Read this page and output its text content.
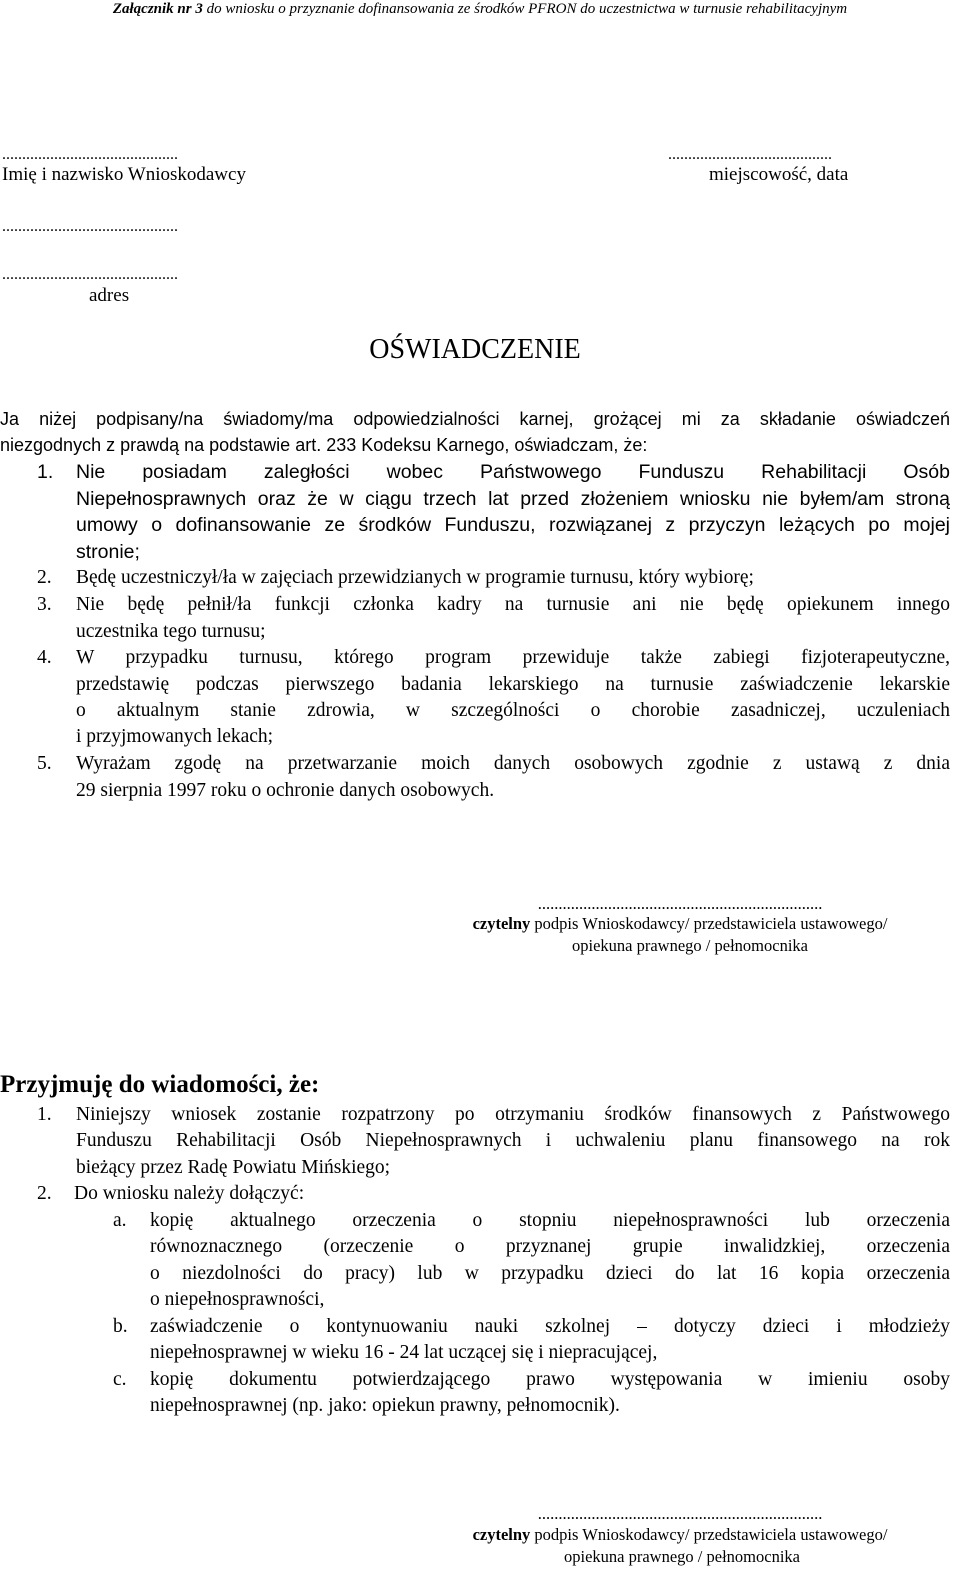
Załącznik nr 3 do wniosku o przyznanie dofinansowania ze środków PFRON do uczestnictwa w turnusie rehabilitacyjnym
............................................	.........................................
Imię i nazwisko Wnioskodawcy	miejscowość, data
............................................
............................................
adres
OŚWIADCZENIE
Ja niżej podpisany/na świadomy/ma odpowiedzialności karnej, grożącej mi za składanie oświadczeń
niezgodnych z prawdą na podstawie art. 233 Kodeksu Karnego, oświadczam, że:
1. Nie posiadam zaległości wobec Państwowego Funduszu Rehabilitacji Osób
Niepełnosprawnych oraz że w ciągu trzech lat przed złożeniem wniosku nie byłem/am stroną
umowy o dofinansowanie ze środków Funduszu, rozwiązanej z przyczyn leżących po mojej
stronie;
2. Będę uczestniczył/ła w zajęciach przewidzianych w programie turnusu, który wybiorę;
3. Nie będę pełnił/ła funkcji członka kadry na turnusie ani nie będę opiekunem innego
uczestnika tego turnusu;
4. W przypadku turnusu, którego program przewiduje także zabiegi fizjoterapeutyczne,
przedstawię podczas pierwszego badania lekarskiego na turnusie zaświadczenie lekarskie
o aktualnym stanie zdrowia, w szczególności o chorobie zasadniczej, uczuleniach
i przyjmowanych lekach;
5. Wyrażam zgodę na przetwarzanie moich danych osobowych zgodnie z ustawą z dnia
29 sierpnia 1997 roku o ochronie danych osobowych.
.....................................................................
czytelny podpis Wnioskodawcy/ przedstawiciela ustawowego/
opiekuna prawnego / pełnomocnika
Przyjmuję do wiadomości, że:
1. Niniejszy wniosek zostanie rozpatrzony po otrzymaniu środków finansowych z Państwowego
Funduszu Rehabilitacji Osób Niepełnosprawnych i uchwaleniu planu finansowego na rok
bieżący przez Radę Powiatu Mińskiego;
2. Do wniosku należy dołączyć:
a. kopię aktualnego orzeczenia o stopniu niepełnosprawności lub orzeczenia
równoznacznego (orzeczenie o przyznanej grupie inwalidzkiej, orzeczenia
o niezdolności do pracy) lub w przypadku dzieci do lat 16 kopia orzeczenia
o niepełnosprawności,
b. zaświadczenie o kontynuowaniu nauki szkolnej – dotyczy dzieci i młodzieży
niepełnosprawnej w wieku 16 - 24 lat uczącej się i niepracującej,
c. kopię dokumentu potwierdzającego prawo występowania w imieniu osoby
niepełnosprawnej (np. jako: opiekun prawny, pełnomocnik).
.....................................................................
czytelny podpis Wnioskodawcy/ przedstawiciela ustawowego/
opiekuna prawnego / pełnomocnika
